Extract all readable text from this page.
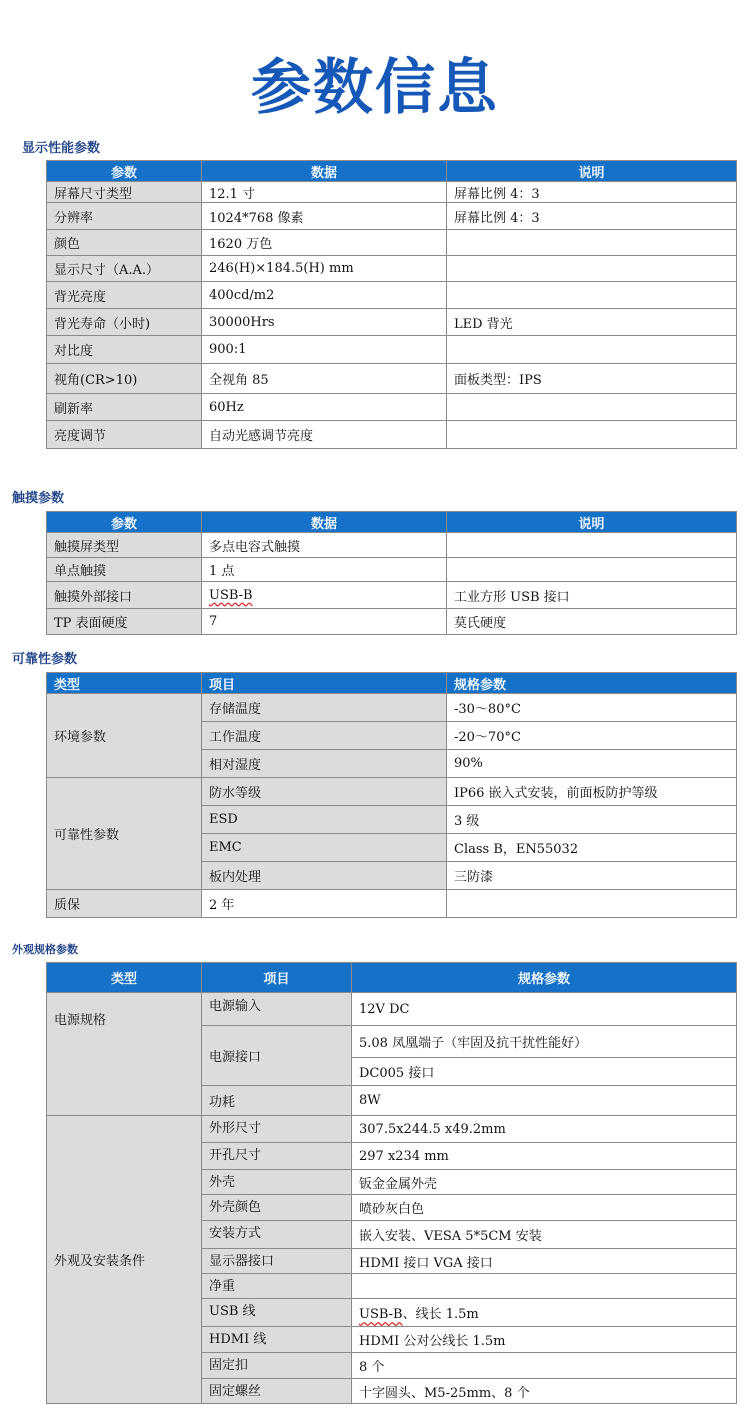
参数信息
显示性能参数
参数	数据	说明
屏幕尺寸类型	12.1 寸	屏幕比例 4：3
分辨率	1024*768 像素	屏幕比例 4：3
颜色	1620 万色	
显示尺寸（A.A.）	246(H)×184.5(H) mm	
背光亮度	400cd/m2	
背光寿命（小时)	30000Hrs	LED 背光
对比度	900:1	
视角(CR>10)	全视角 85	面板类型：IPS
刷新率	60Hz	
亮度调节	自动光感调节亮度	
触摸参数
参数	数据	说明
触摸屏类型	多点电容式触摸	
单点触摸	1 点	
触摸外部接口	USB-B	工业方形 USB 接口
TP 表面硬度	7	莫氏硬度
可靠性参数
类型	项目	规格参数
环境参数	存储温度	-30～80°C
	工作温度	-20～70°C
	相对湿度	90%
可靠性参数	防水等级	IP66 嵌入式安装，前面板防护等级
	ESD	3 级
	EMC	Class B，EN55032
	板内处理	三防漆
质保	2 年	
外观规格参数
类型	项目	规格参数
电源规格	电源输入	12V DC
	电源接口	5.08 凤凰端子（牢固及抗干扰性能好）
		DC005 接口
	功耗	8W
外观及安装条件	外形尺寸	307.5x244.5 x49.2mm
	开孔尺寸	297 x234 mm
	外壳	钣金金属外壳
	外壳颜色	喷砂灰白色
	安装方式	嵌入安装、VESA 5*5CM 安装
	显示器接口	HDMI 接口 VGA 接口
	净重	
	USB 线	USB-B、线长 1.5m
	HDMI 线	HDMI 公对公线长 1.5m
	固定扣	8 个
	固定螺丝	十字圆头、M5-25mm、8 个
